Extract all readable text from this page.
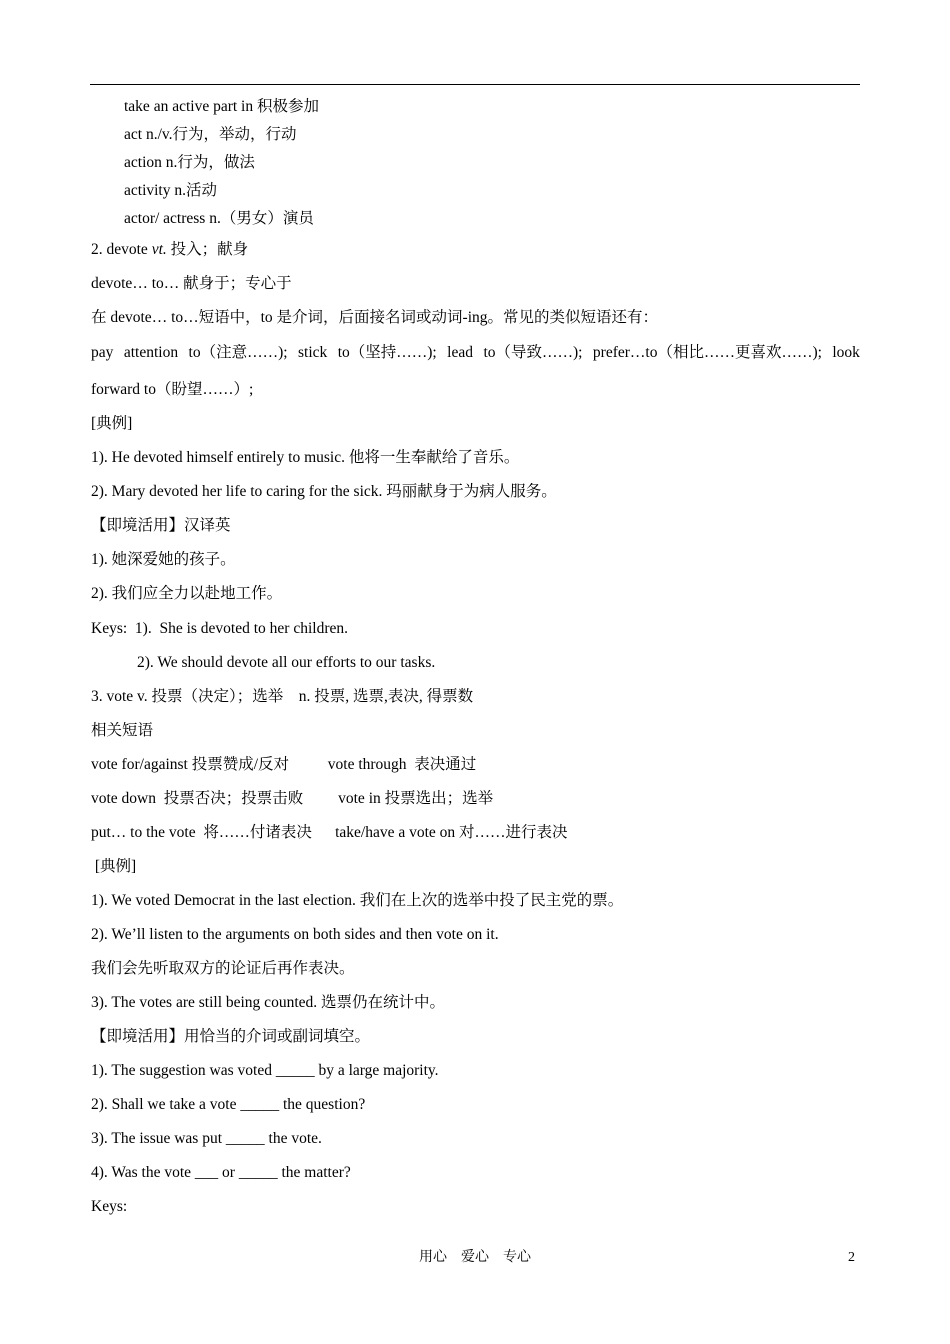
take an active part in 积极参加
act n./v.行为，举动，行动
action n.行为，做法
activity n.活动
actor/ actress n.（男女）演员
2. devote vt. 投入；献身
devote… to… 献身于；专心于
在 devote… to…短语中，to 是介词，后面接名词或动词-ing。常见的类似短语还有：
pay attention to（注意……); stick to（坚持……); lead to（导致……); prefer…to（相比……更喜欢……); look
forward to（盼望……）;
[典例]
1). He devoted himself entirely to music. 他将一生奉献给了音乐。
2). Mary devoted her life to caring for the sick. 玛丽献身于为病人服务。
【即境活用】汉译英
1). 她深爱她的孩子。
2). 我们应全力以赴地工作。
Keys:  1).  She is devoted to her children.
2). We should devote all our efforts to our tasks.
3. vote v. 投票（决定）；选举    n. 投票, 选票,表决, 得票数
相关短语
vote for/against 投票赞成/反对          vote through  表决通过
vote down  投票否决；投票击败         vote in 投票选出；选举
put… to the vote  将……付诸表决      take/have a vote on 对……进行表决
[典例]
1). We voted Democrat in the last election. 我们在上次的选举中投了民主党的票。
2). We’ll listen to the arguments on both sides and then vote on it.
我们会先听取双方的论证后再作表决。
3). The votes are still being counted. 选票仍在统计中。
【即境活用】用恰当的介词或副词填空。
1). The suggestion was voted _____ by a large majority.
2). Shall we take a vote _____ the question?
3). The issue was put _____ the vote.
4). Was the vote ___ or _____ the matter?
Keys:
用心    爱心    专心	2
